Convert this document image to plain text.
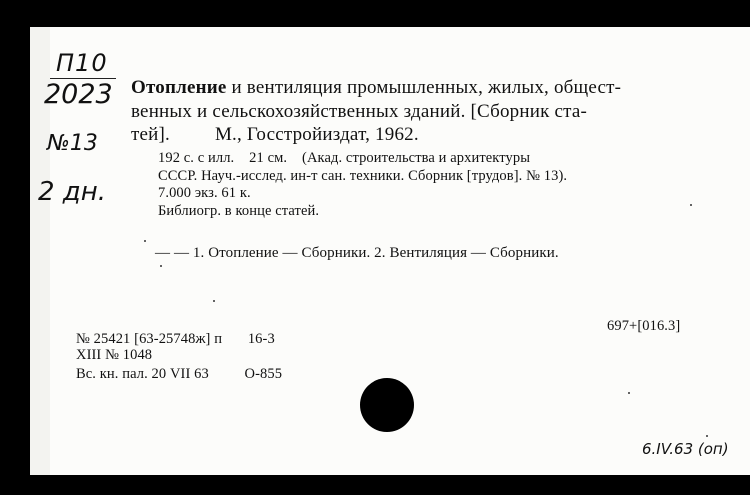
П10
2023
№13
2 дн.
Отопление и вентиляция промышленных, жилых, общест-
венных и сельскохозяйственных зданий. [Сборник ста-
тей]. М., Госстройиздат, 1962.
192 с. с илл.    21 см.    (Акад. строительства и архитектуры
СССР. Науч.-исслед. ин-т сан. техники. Сборник [трудов]. № 13).
7.000 экз. 61 к.
Библиогр. в конце статей.
— — 1. Отопление — Сборники. 2. Вентиляция — Сборники.
№ 25421 [63-25748ж] п 16-3
XIII № 1048
Вс. кн. пал. 20 VII 63 О-855
697+[016.3]
6.IV.63 (оп)
